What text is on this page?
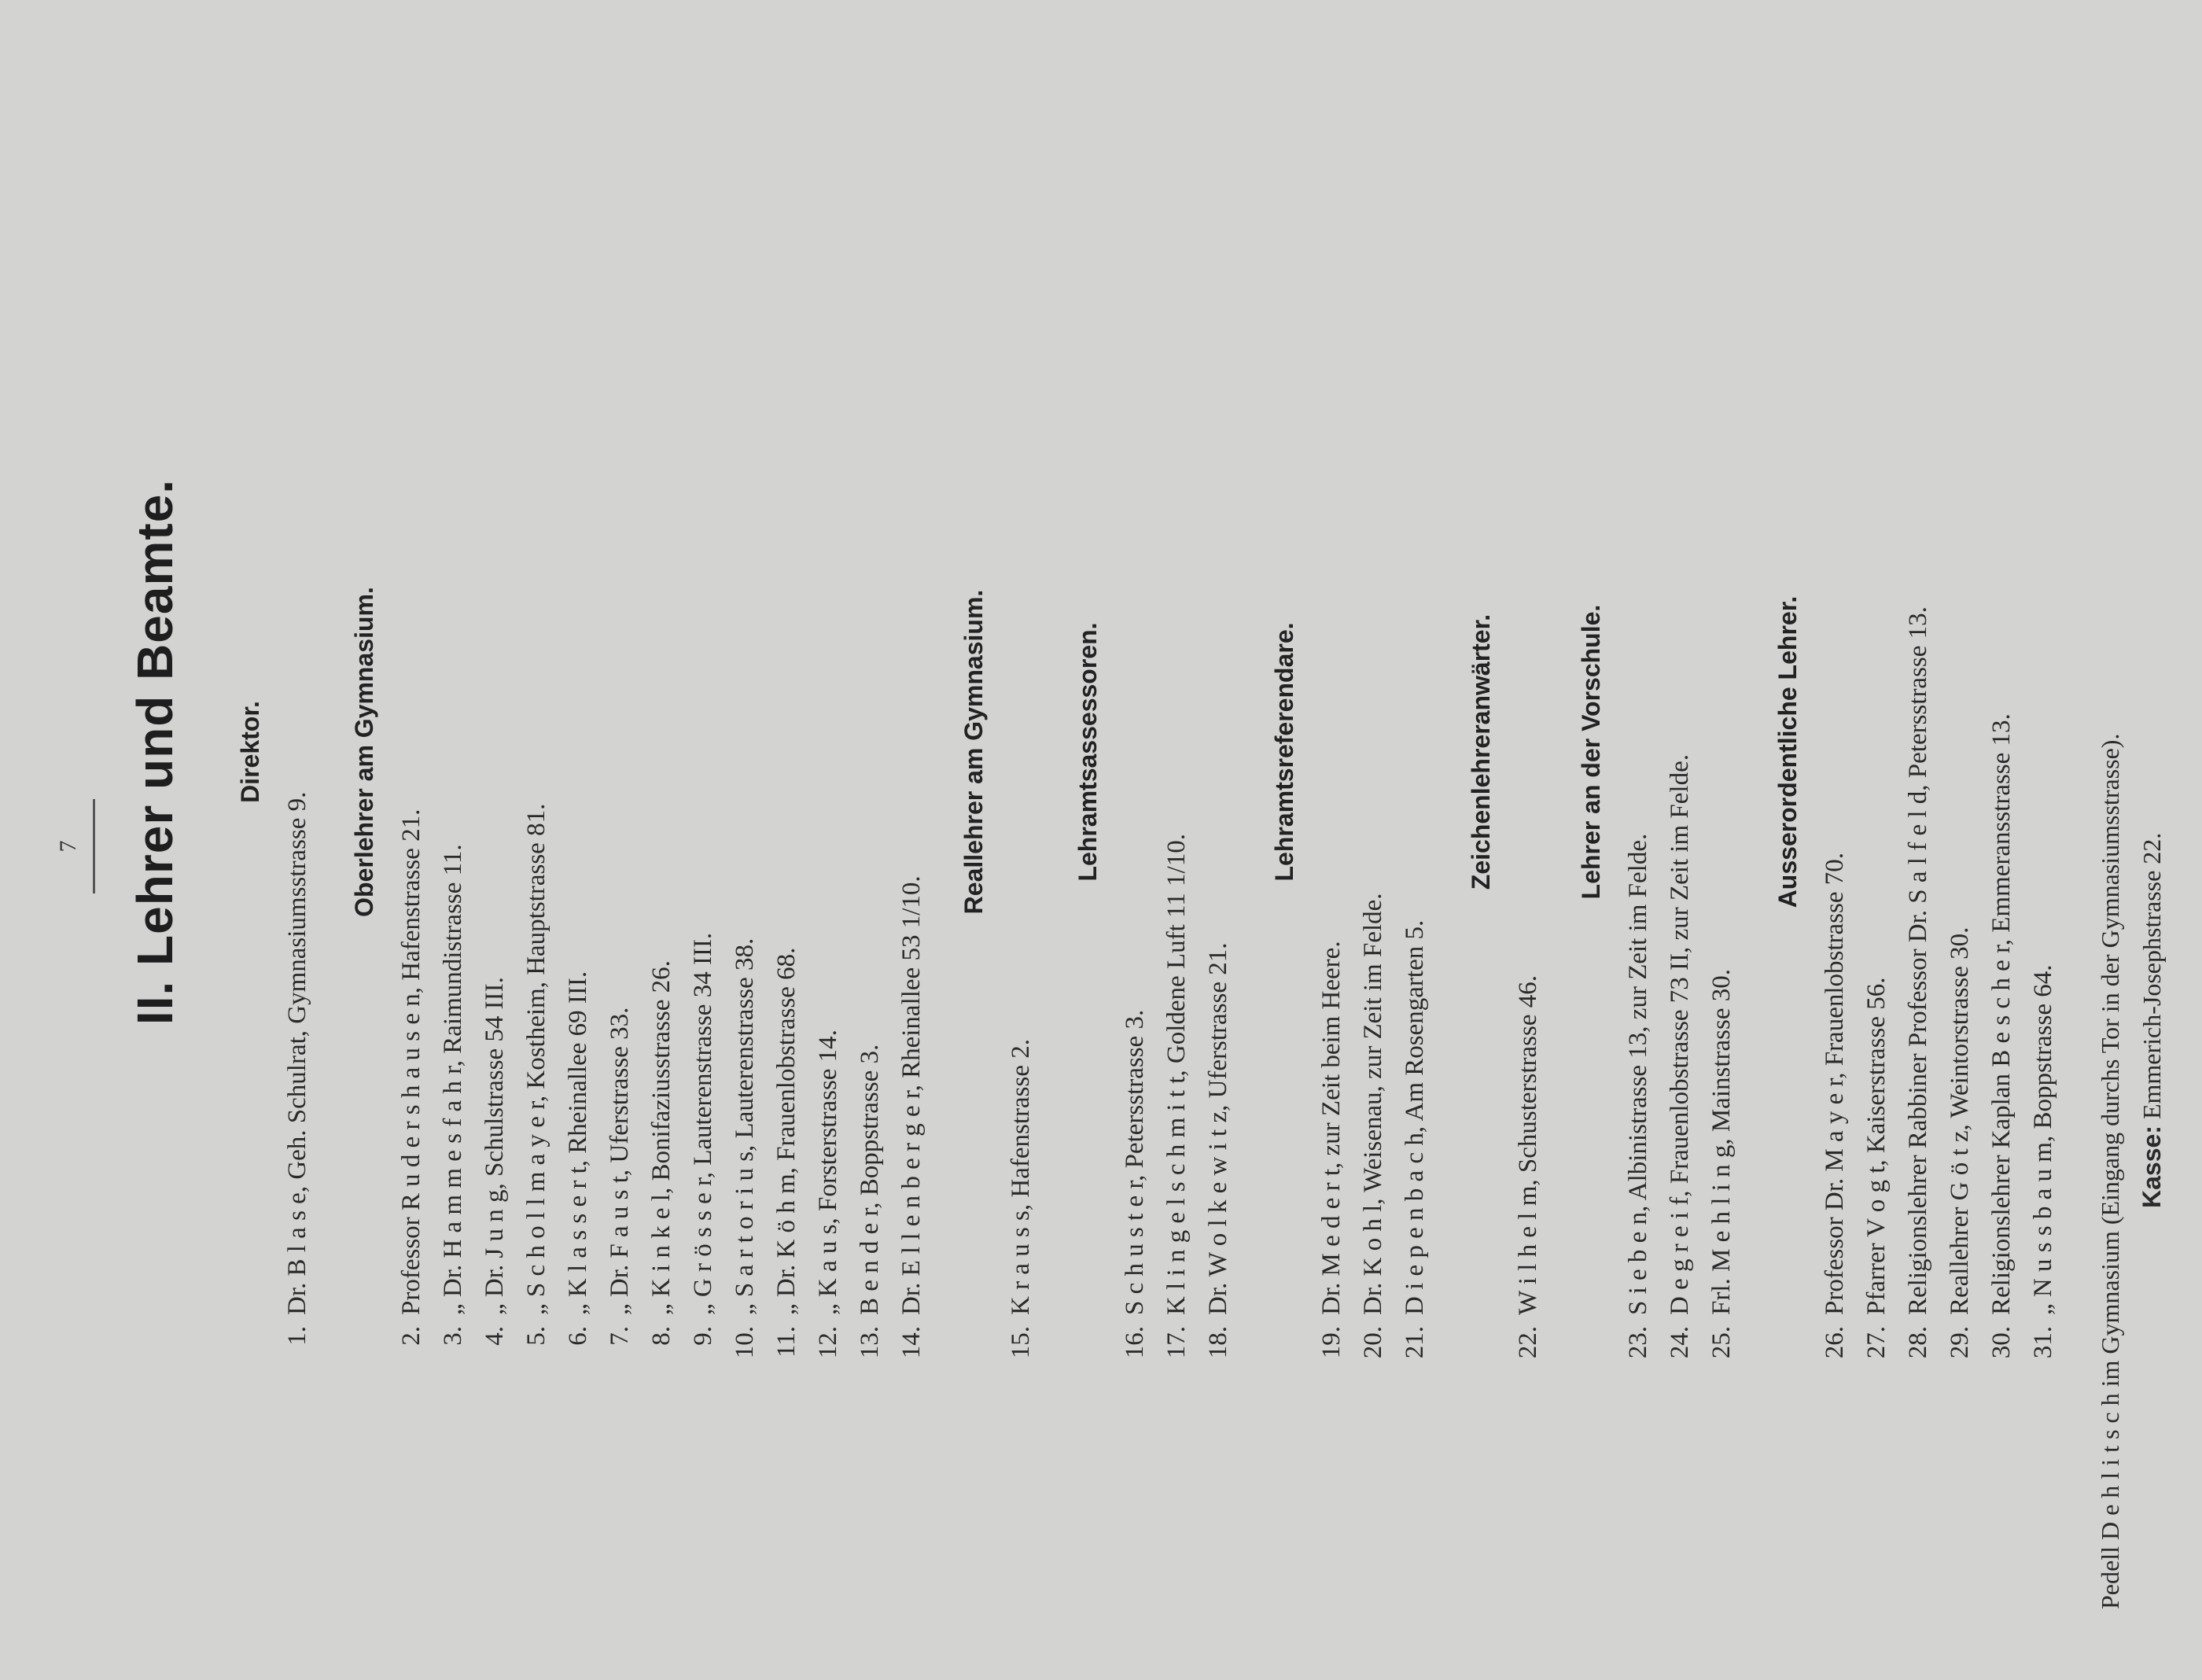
7 II. Lehrer und Beamte. Direktor.
1.Dr. B l a s e, Geh. Schulrat, Gymnasiumsstrasse 9.
Oberlehrer am Gymnasium.
2.Professor R u d e r s h a u s e n, Hafenstrasse 21.
3.„ Dr. H a m m e s f a h r, Raimundistrasse 11.
4.„ Dr. J u n g, Schulstrasse 54 III.
5.„ S c h o l l m a y e r, Kostheim, Hauptstrasse 81.
6.„ K l a s s e r t, Rheinallee 69 III.
7.„ Dr. F a u s t, Uferstrasse 33.
8.„ K i n k e l, Bonifaziusstrasse 26.
9.„ G r ö s s e r, Lauterenstrasse 34 III.
10.„ S a r t o r i u s, Lauterenstrasse 38.
11.„ Dr. K ö h m, Frauenlobstrasse 68.
12.„ K a u s, Forsterstrasse 14.
13.B e n d e r, Boppstrasse 3.
14.Dr. E l l e n b e r g e r, Rheinallee 53 1/10.
Reallehrer am Gymnasium.
15.K r a u s s, Hafenstrasse 2.
Lehramtsassessoren.
16.S c h u s t e r, Petersstrasse 3.
17.K l i n g e l s c h m i t t, Goldene Luft 11 1/10.
18.Dr. W o l k e w i t z, Uferstrasse 21.
Lehramtsreferendare.
19.Dr. M e d e r t, zur Zeit beim Heere.
20.Dr. K o h l, Weisenau, zur Zeit im Felde.
21.D i e p e n b a c h, Am Rosengarten 5.
Zeichenlehreranwärter.
22.W i l h e l m, Schusterstrasse 46.
Lehrer an der Vorschule.
23.S i e b e n, Albinistrasse 13, zur Zeit im Felde.
24.D e g r e i f, Frauenlobstrasse 73 II, zur Zeit im Felde.
25.Frl. M e h l i n g, Mainstrasse 30.
Ausserordentliche Lehrer.
26.Professor Dr. M a y e r, Frauenlobstrasse 70.
27.Pfarrer V o g t, Kaiserstrasse 56.
28.Religionslehrer Rabbiner Professor Dr. S a l f e l d, Petersstrasse 13.
29.Reallehrer G ö t z, Weintorstrasse 30.
30.Religionslehrer Kaplan B e s c h e r, Emmeransstrasse 13.
31.„ N u s s b a u m, Boppstrasse 64. Pedell D e h l i t s c h im Gymnasium (Eingang durchs Tor in der Gymnasiumsstrasse). Kasse: Emmerich-Josephstrasse 22.
